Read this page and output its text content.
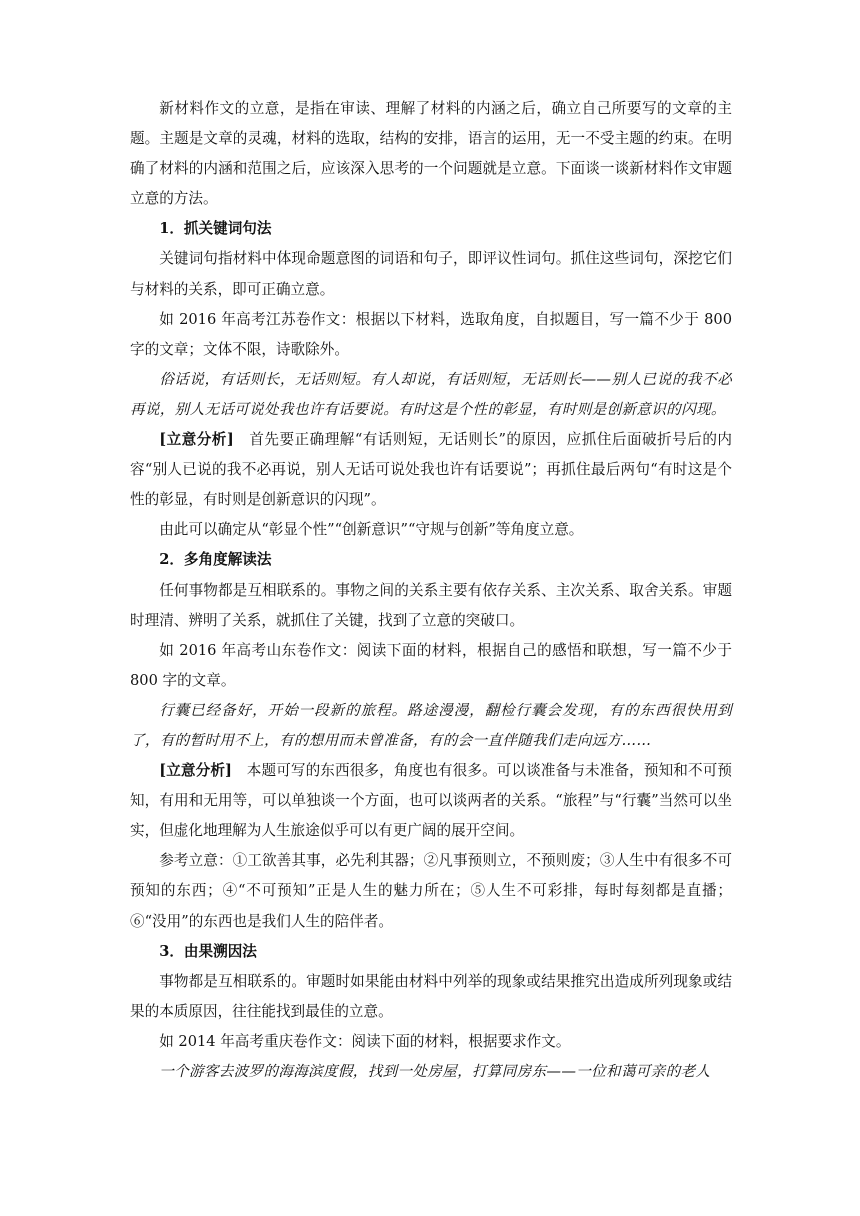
新材料作文的立意，是指在审读、理解了材料的内涵之后，确立自己所要写的文章的主题。主题是文章的灵魂，材料的选取，结构的安排，语言的运用，无一不受主题的约束。在明确了材料的内涵和范围之后，应该深入思考的一个问题就是立意。下面谈一谈新材料作文审题立意的方法。

1．抓关键词句法

关键词句指材料中体现命题意图的词语和句子，即评议性词句。抓住这些词句，深挖它们与材料的关系，即可正确立意。

如 2016 年高考江苏卷作文：根据以下材料，选取角度，自拟题目，写一篇不少于 800 字的文章；文体不限，诗歌除外。

俗话说，有话则长，无话则短。有人却说，有话则短，无话则长——别人已说的我不必再说，别人无话可说处我也许有话要说。有时这是个性的彰显，有时则是创新意识的闪现。

[立意分析]　首先要正确理解“有话则短，无话则长”的原因，应抓住后面破折号后的内容“别人已说的我不必再说，别人无话可说处我也许有话要说”；再抓住最后两句“有时这是个性的彰显，有时则是创新意识的闪现”。

由此可以确定从“彰显个性”“创新意识”“守规与创新”等角度立意。

2．多角度解读法

任何事物都是互相联系的。事物之间的关系主要有依存关系、主次关系、取舍关系。审题时理清、辨明了关系，就抓住了关键，找到了立意的突破口。

如 2016 年高考山东卷作文：阅读下面的材料，根据自己的感悟和联想，写一篇不少于 800 字的文章。

行囊已经备好，开始一段新的旅程。路途漫漫，翻检行囊会发现，有的东西很快用到了，有的暂时用不上，有的想用而未曾准备，有的会一直伴随我们走向远方……

[立意分析]　本题可写的东西很多，角度也有很多。可以谈准备与未准备，预知和不可预知，有用和无用等，可以单独谈一个方面，也可以谈两者的关系。“旅程”与“行囊”当然可以坐实，但虚化地理解为人生旅途似乎可以有更广阔的展开空间。

参考立意：①工欲善其事，必先利其器；②凡事预则立，不预则废；③人生中有很多不可预知的东西；④“不可预知”正是人生的魅力所在；⑤人生不可彩排，每时每刻都是直播；⑥“没用”的东西也是我们人生的陪伴者。

3．由果溯因法

事物都是互相联系的。审题时如果能由材料中列举的现象或结果推究出造成所列现象或结果的本质原因，往往能找到最佳的立意。

如 2014 年高考重庆卷作文：阅读下面的材料，根据要求作文。

一个游客去波罗的海海滨度假，找到一处房屋，打算同房东——一位和蔼可亲的老人
